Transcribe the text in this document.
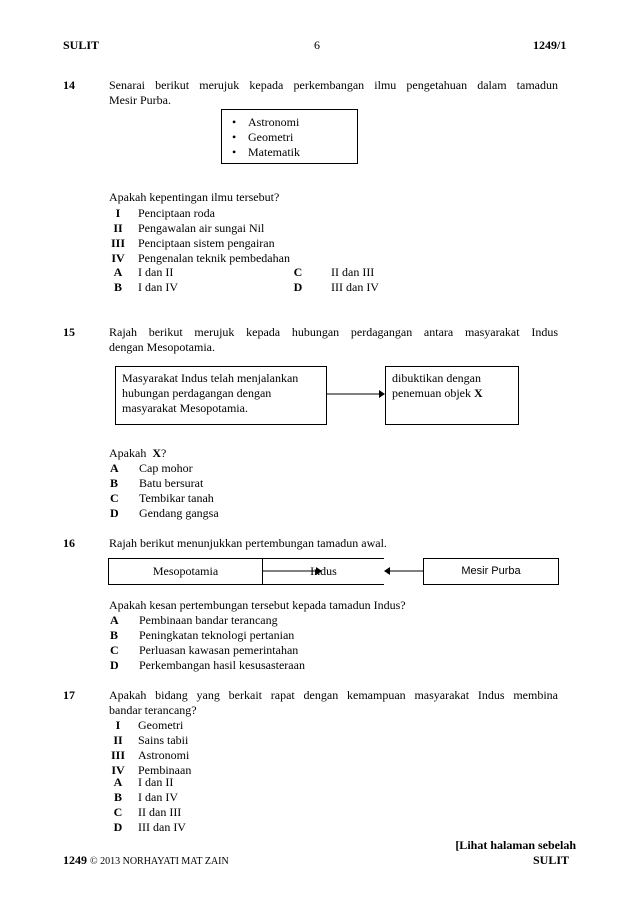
SULIT	6	1249/1
14	Senarai berikut merujuk kepada perkembangan ilmu pengetahuan dalam tamadun
Mesir Purba.
• Astronomi
• Geometri
• Matematik
Apakah kepentingan ilmu tersebut?
I	Penciptaan roda
II	Pengawalan air sungai Nil
III	Penciptaan sistem pengairan
IV	Pengenalan teknik pembedahan
A	I dan II
B	I dan IV
C	II dan III
D	III dan IV
15	Rajah berikut merujuk kepada hubungan perdagangan antara masyarakat Indus
dengan Mesopotamia.
Masyarakat Indus telah menjalankan
hubungan perdagangan dengan
masyarakat Mesopotamia.
dibuktikan dengan
penemuan objek X
Apakah X?
A	Cap mohor
B	Batu bersurat
C	Tembikar tanah
D	Gendang gangsa
16	Rajah berikut menunjukkan pertembungan tamadun awal.
Mesopotamia	Indus	Mesir Purba
Apakah kesan pertembungan tersebut kepada tamadun Indus?
A	Pembinaan bandar terancang
B	Peningkatan teknologi pertanian
C	Perluasan kawasan pemerintahan
D	Perkembangan hasil kesusasteraan
17	Apakah bidang yang berkait rapat dengan kemampuan masyarakat Indus membina
bandar terancang?
I	Geometri
II	Sains tabii
III	Astronomi
IV	Pembinaan
A	I dan II
B	I dan IV
C	II dan III
D	III dan IV
[Lihat halaman sebelah
1249 © 2013 NORHAYATI MAT ZAIN	SULIT
